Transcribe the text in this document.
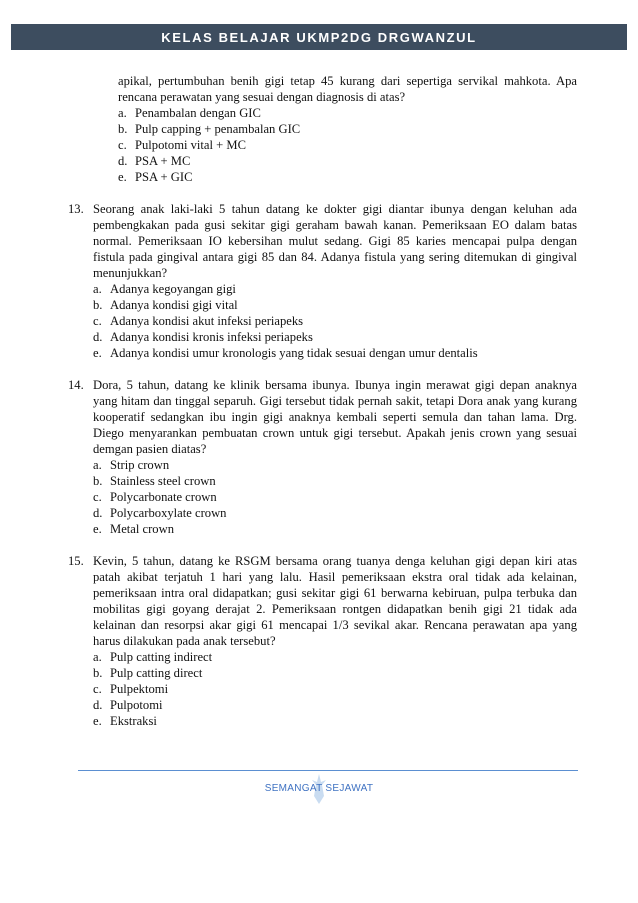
KELAS BELAJAR UKMP2DG DRGWANZUL
apikal, pertumbuhan benih gigi tetap 45 kurang dari sepertiga servikal mahkota. Apa rencana perawatan yang sesuai dengan diagnosis di atas?
a. Penambalan dengan GIC
b. Pulp capping + penambalan GIC
c. Pulpotomi vital + MC
d. PSA + MC
e. PSA + GIC
13. Seorang anak laki-laki 5 tahun datang ke dokter gigi diantar ibunya dengan keluhan ada pembengkakan pada gusi sekitar gigi geraham bawah kanan. Pemeriksaan EO dalam batas normal. Pemeriksaan IO kebersihan mulut sedang. Gigi 85 karies mencapai pulpa dengan fistula pada gingival antara gigi 85 dan 84. Adanya fistula yang sering ditemukan di gingival menunjukkan?
a. Adanya kegoyangan gigi
b. Adanya kondisi gigi vital
c. Adanya kondisi akut infeksi periapeks
d. Adanya kondisi kronis infeksi periapeks
e. Adanya kondisi umur kronologis yang tidak sesuai dengan umur dentalis
14. Dora, 5 tahun, datang ke klinik bersama ibunya. Ibunya ingin merawat gigi depan anaknya yang hitam dan tinggal separuh. Gigi tersebut tidak pernah sakit, tetapi Dora anak yang kurang kooperatif sedangkan ibu ingin gigi anaknya kembali seperti semula dan tahan lama. Drg. Diego menyarankan pembuatan crown untuk gigi tersebut. Apakah jenis crown yang sesuai demgan pasien diatas?
a. Strip crown
b. Stainless steel crown
c. Polycarbonate crown
d. Polycarboxylate crown
e. Metal crown
15. Kevin, 5 tahun, datang ke RSGM bersama orang tuanya denga keluhan gigi depan kiri atas patah akibat terjatuh 1 hari yang lalu. Hasil pemeriksaan ekstra oral tidak ada kelainan, pemeriksaan intra oral didapatkan; gusi sekitar gigi 61 berwarna kebiruan, pulpa terbuka dan mobilitas gigi goyang derajat 2. Pemeriksaan rontgen didapatkan benih gigi 21 tidak ada kelainan dan resorpsi akar gigi 61 mencapai 1/3 sevikal akar. Rencana perawatan apa yang harus dilakukan pada anak tersebut?
a. Pulp catting indirect
b. Pulp catting direct
c. Pulpektomi
d. Pulpotomi
e. Ekstraksi
SEMANGAT SEJAWAT
